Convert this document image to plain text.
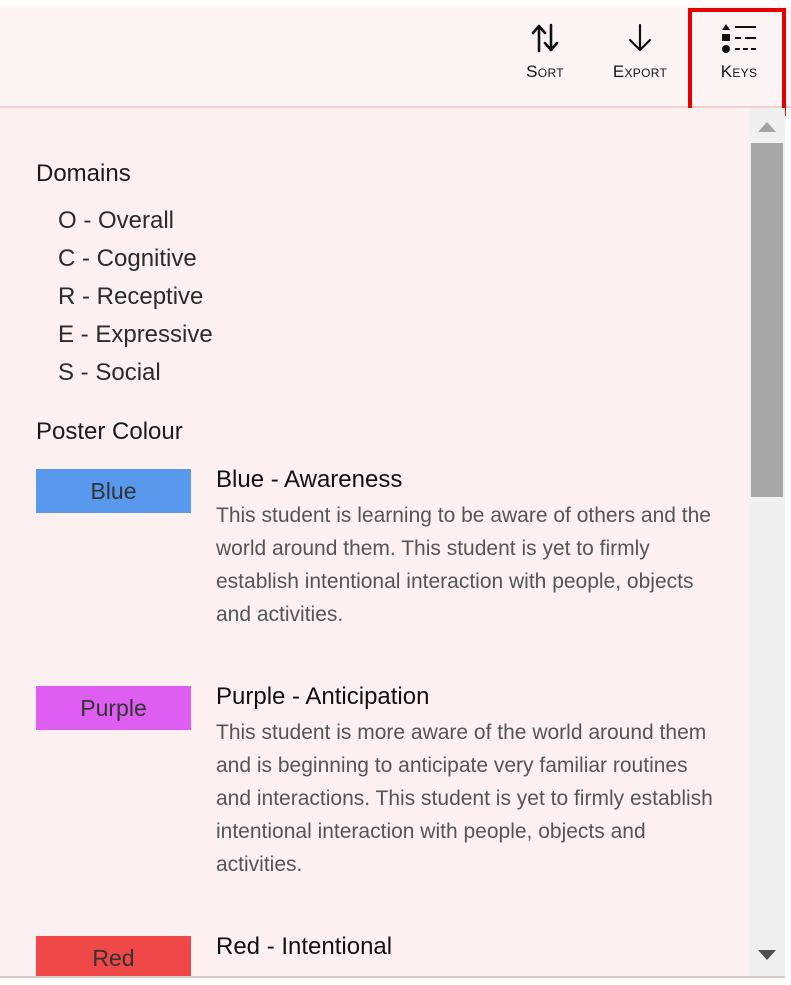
Sort	Export	Keys
Domains
O - Overall
C - Cognitive
R - Receptive
E - Expressive
S - Social
Poster Colour
Blue	Blue - Awareness
This student is learning to be aware of others and the world around them. This student is yet to firmly establish intentional interaction with people, objects and activities.
Purple	Purple - Anticipation
This student is more aware of the world around them and is beginning to anticipate very familiar routines and interactions. This student is yet to firmly establish intentional interaction with people, objects and activities.
Red	Red - Intentional
